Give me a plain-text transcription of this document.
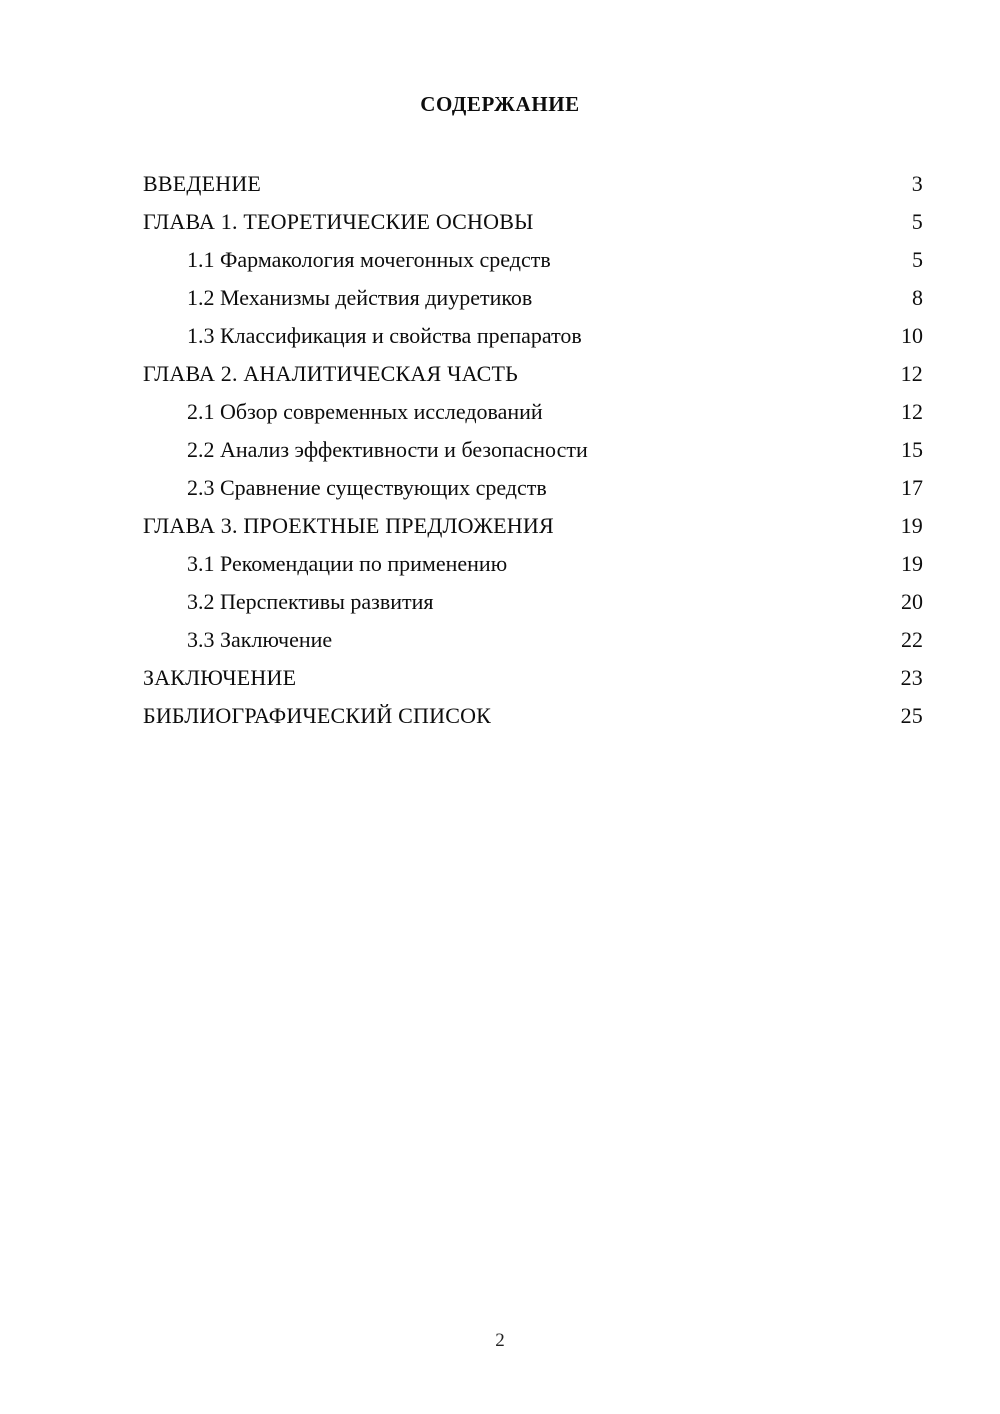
СОДЕРЖАНИЕ
ВВЕДЕНИЕ	3
ГЛАВА 1. ТЕОРЕТИЧЕСКИЕ ОСНОВЫ	5
1.1 Фармакология мочегонных средств	5
1.2 Механизмы действия диуретиков	8
1.3 Классификация и свойства препаратов	10
ГЛАВА 2. АНАЛИТИЧЕСКАЯ ЧАСТЬ	12
2.1 Обзор современных исследований	12
2.2 Анализ эффективности и безопасности	15
2.3 Сравнение существующих средств	17
ГЛАВА 3. ПРОЕКТНЫЕ ПРЕДЛОЖЕНИЯ	19
3.1 Рекомендации по применению	19
3.2 Перспективы развития	20
3.3 Заключение	22
ЗАКЛЮЧЕНИЕ	23
БИБЛИОГРАФИЧЕСКИЙ СПИСОК	25
2
